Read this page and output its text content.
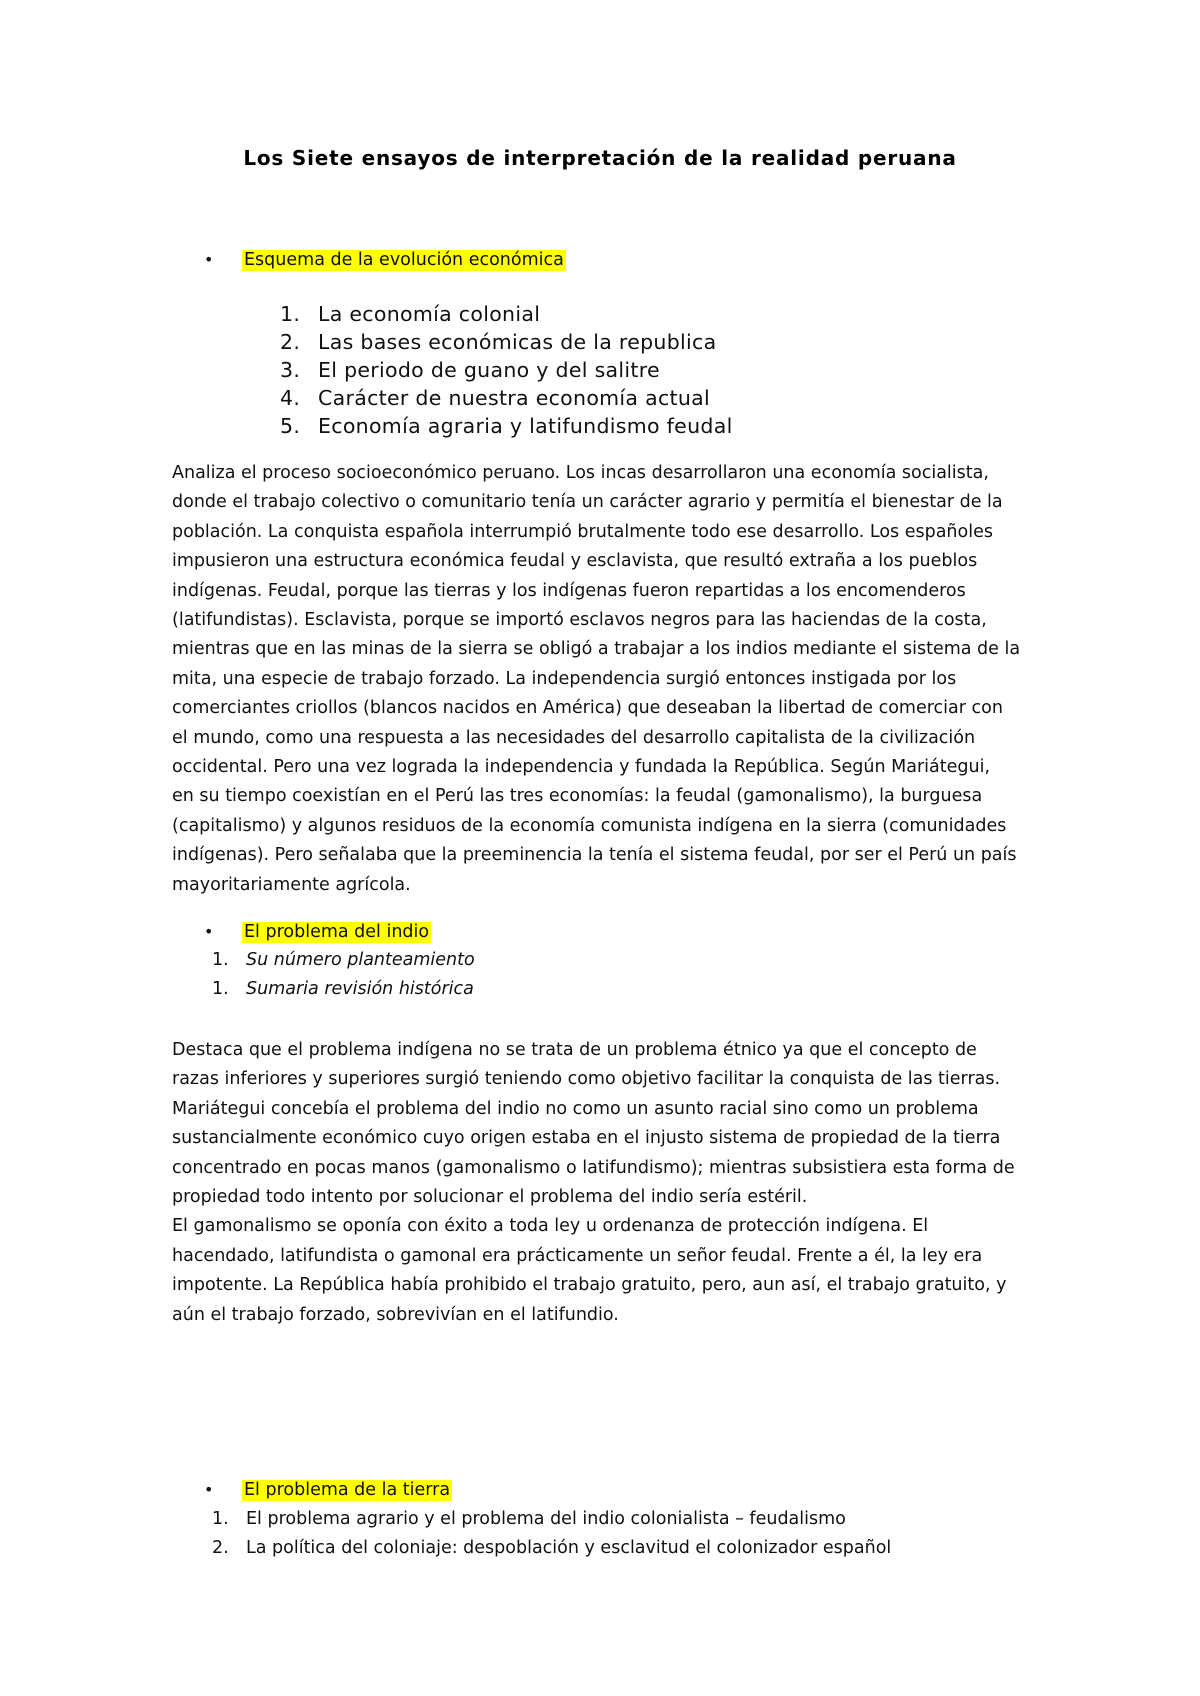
Los Siete ensayos de interpretación de la realidad peruana
• Esquema de la evolución económica
1. La economía colonial
2. Las bases económicas de la republica
3. El periodo de guano y del salitre
4. Carácter de nuestra economía actual
5. Economía agraria y latifundismo feudal
Analiza el proceso socioeconómico peruano. Los incas desarrollaron una economía socialista,
donde el trabajo colectivo o comunitario tenía un carácter agrario y permitía el bienestar de la
población. La conquista española interrumpió brutalmente todo ese desarrollo. Los españoles
impusieron una estructura económica feudal y esclavista, que resultó extraña a los pueblos
indígenas. Feudal, porque las tierras y los indígenas fueron repartidas a los encomenderos
(latifundistas). Esclavista, porque se importó esclavos negros para las haciendas de la costa,
mientras que en las minas de la sierra se obligó a trabajar a los indios mediante el sistema de la
mita, una especie de trabajo forzado. La independencia surgió entonces instigada por los
comerciantes criollos (blancos nacidos en América) que deseaban la libertad de comerciar con
el mundo, como una respuesta a las necesidades del desarrollo capitalista de la civilización
occidental. Pero una vez lograda la independencia y fundada la República. Según Mariátegui,
en su tiempo coexistían en el Perú las tres economías: la feudal (gamonalismo), la burguesa
(capitalismo) y algunos residuos de la economía comunista indígena en la sierra (comunidades
indígenas). Pero señalaba que la preeminencia la tenía el sistema feudal, por ser el Perú un país
mayoritariamente agrícola.
• El problema del indio
1. Su número planteamiento
1. Sumaria revisión histórica
Destaca que el problema indígena no se trata de un problema étnico ya que el concepto de
razas inferiores y superiores surgió teniendo como objetivo facilitar la conquista de las tierras.
Mariátegui concebía el problema del indio no como un asunto racial sino como un problema
sustancialmente económico cuyo origen estaba en el injusto sistema de propiedad de la tierra
concentrado en pocas manos (gamonalismo o latifundismo); mientras subsistiera esta forma de
propiedad todo intento por solucionar el problema del indio sería estéril.
El gamonalismo se oponía con éxito a toda ley u ordenanza de protección indígena. El
hacendado, latifundista o gamonal era prácticamente un señor feudal. Frente a él, la ley era
impotente. La República había prohibido el trabajo gratuito, pero, aun así, el trabajo gratuito, y
aún el trabajo forzado, sobrevivían en el latifundio.
• El problema de la tierra
1. El problema agrario y el problema del indio colonialista – feudalismo
2. La política del coloniaje: despoblación y esclavitud el colonizador español
